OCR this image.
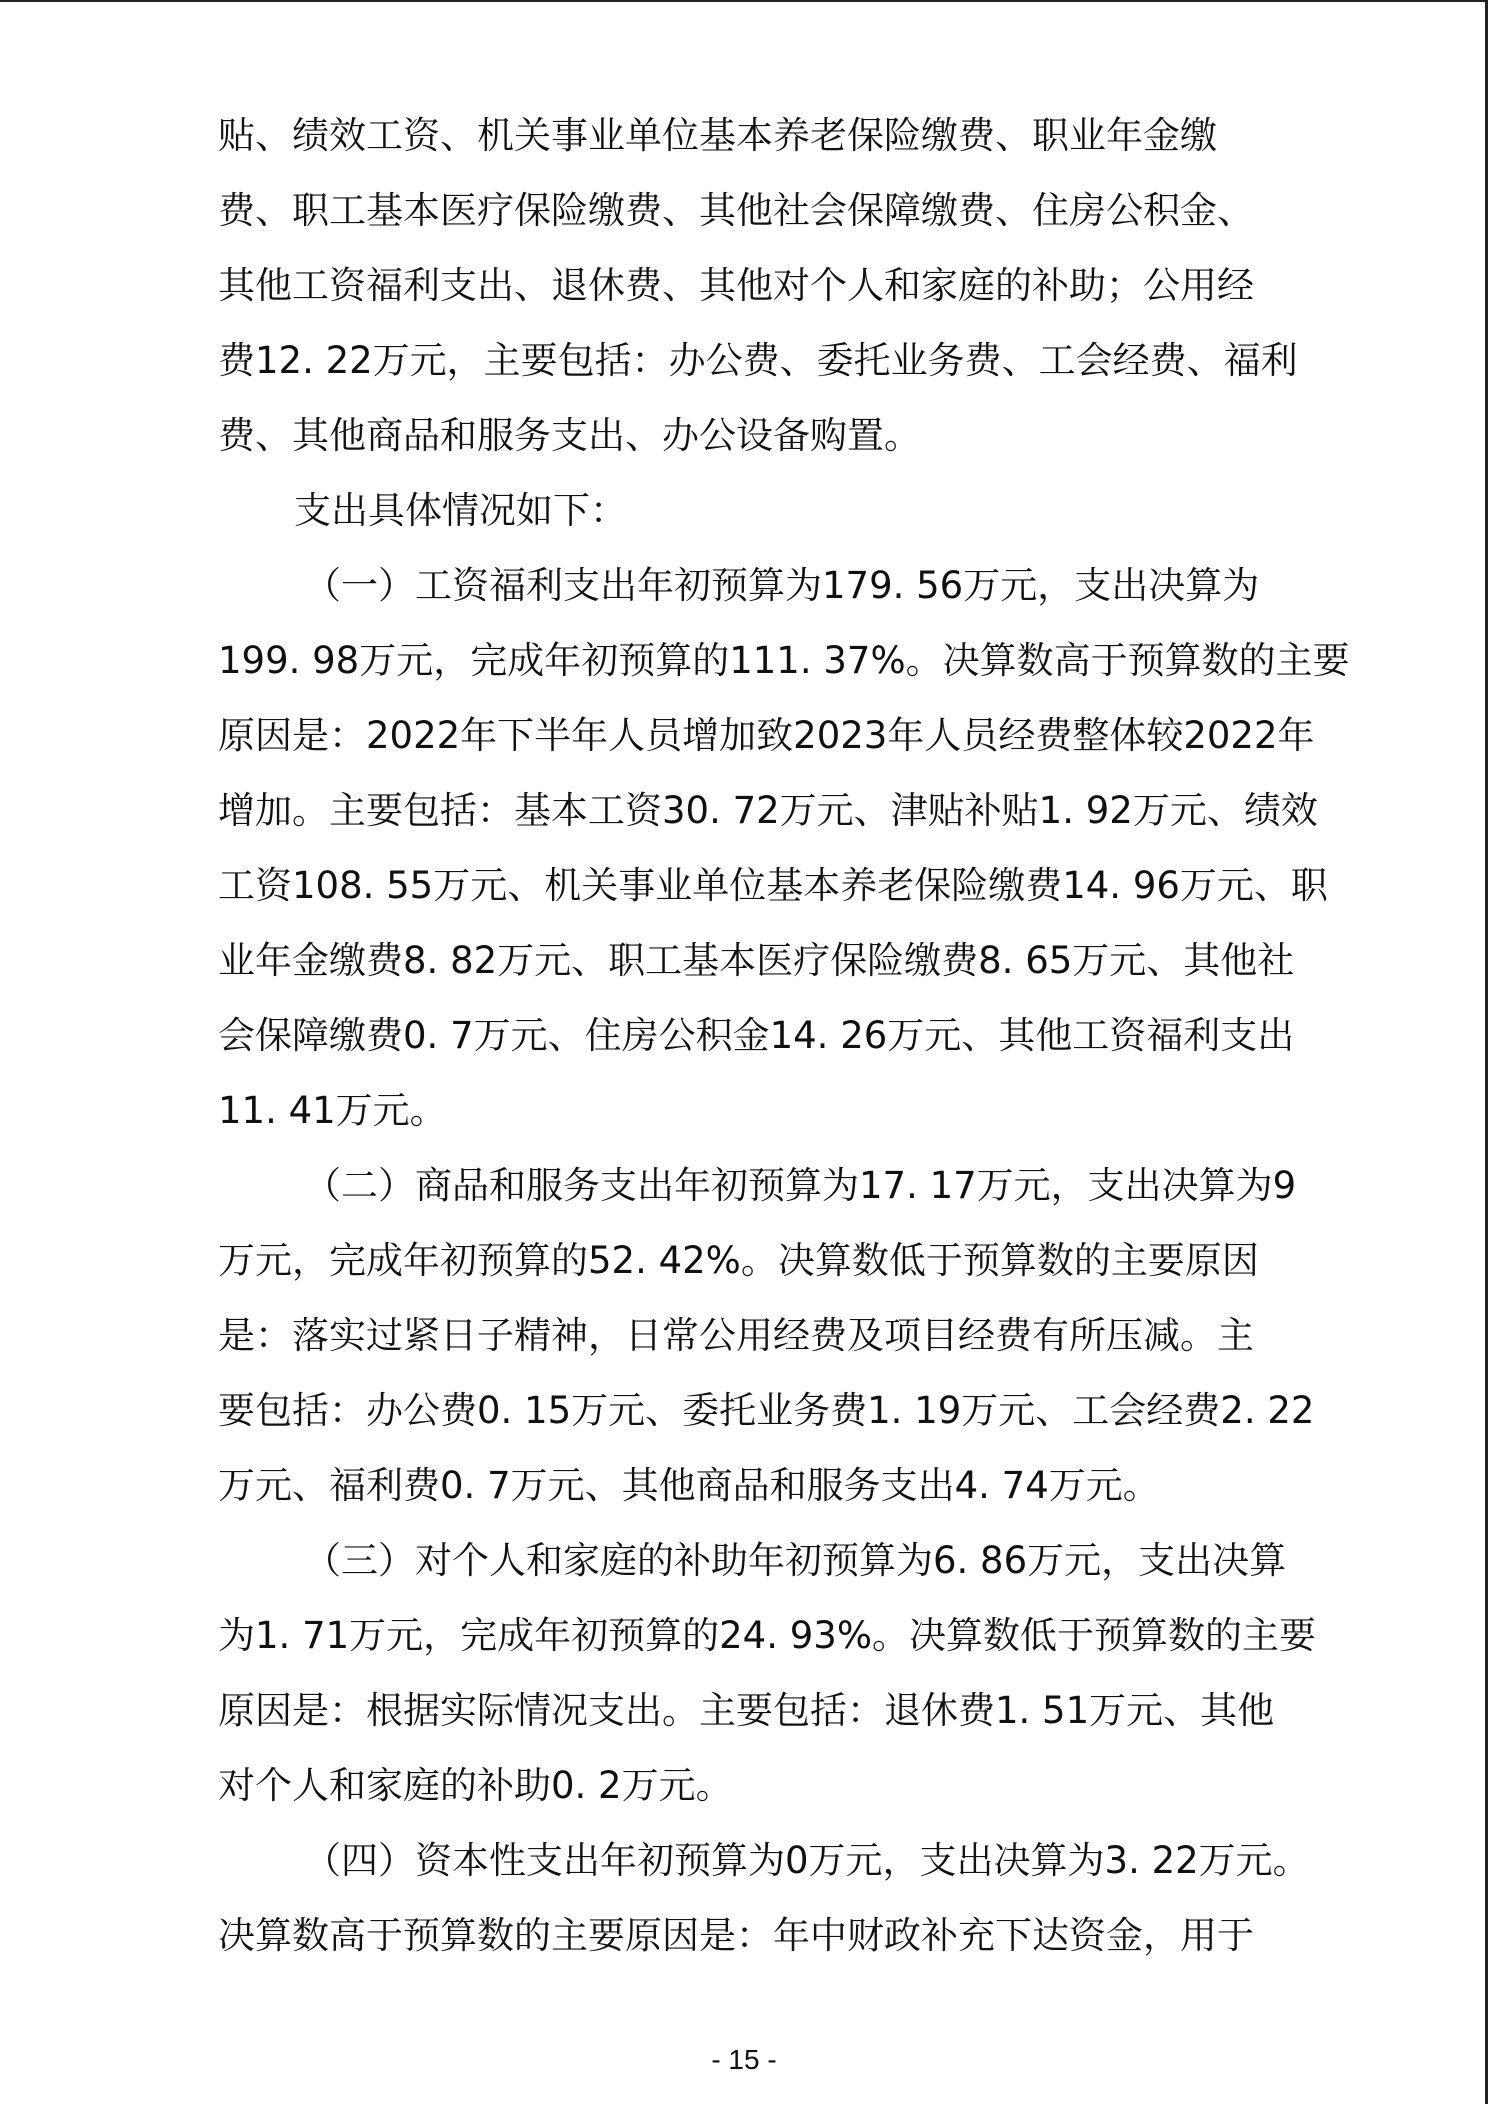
贴、绩效工资、机关事业单位基本养老保险缴费、职业年金缴
费、职工基本医疗保险缴费、其他社会保障缴费、住房公积金、
其他工资福利支出、退休费、其他对个人和家庭的补助；公用经
费12. 22万元，主要包括：办公费、委托业务费、工会经费、福利
费、其他商品和服务支出、办公设备购置。
支出具体情况如下：
（一）工资福利支出年初预算为179. 56万元，支出决算为
199. 98万元，完成年初预算的111. 37%。决算数高于预算数的主要
原因是：2022年下半年人员增加致2023年人员经费整体较2022年
增加。主要包括：基本工资30. 72万元、津贴补贴1. 92万元、绩效
工资108. 55万元、机关事业单位基本养老保险缴费14. 96万元、职
业年金缴费8. 82万元、职工基本医疗保险缴费8. 65万元、其他社
会保障缴费0. 7万元、住房公积金14. 26万元、其他工资福利支出
11. 41万元。
（二）商品和服务支出年初预算为17. 17万元，支出决算为9
万元，完成年初预算的52. 42%。决算数低于预算数的主要原因
是：落实过紧日子精神，日常公用经费及项目经费有所压减。主
要包括：办公费0. 15万元、委托业务费1. 19万元、工会经费2. 22
万元、福利费0. 7万元、其他商品和服务支出4. 74万元。
（三）对个人和家庭的补助年初预算为6. 86万元，支出决算
为1. 71万元，完成年初预算的24. 93%。决算数低于预算数的主要
原因是：根据实际情况支出。主要包括：退休费1. 51万元、其他
对个人和家庭的补助0. 2万元。
（四）资本性支出年初预算为0万元，支出决算为3. 22万元。
决算数高于预算数的主要原因是：年中财政补充下达资金，用于
- 15 -
